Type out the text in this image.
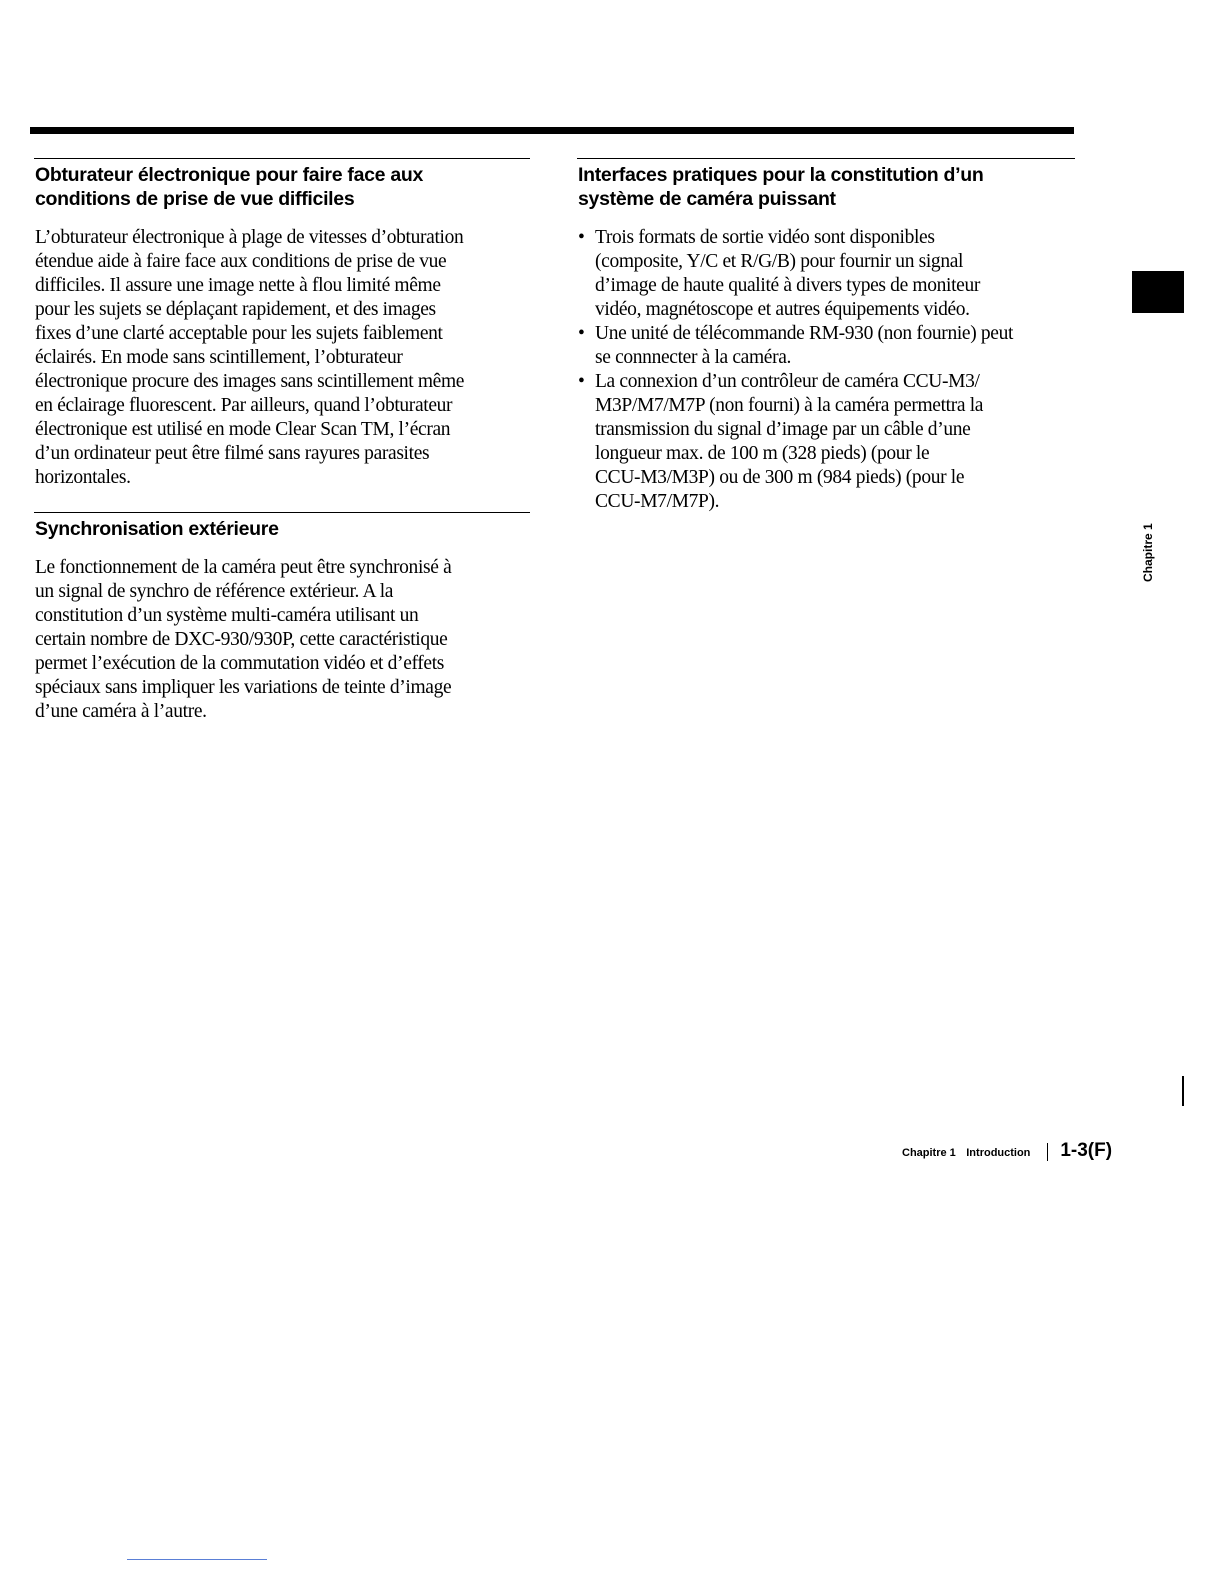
Obturateur électronique pour faire face aux
conditions de prise de vue difficiles

L’obturateur électronique à plage de vitesses d’obturation
étendue aide à faire face aux conditions de prise de vue
difficiles. Il assure une image nette à flou limité même
pour les sujets se déplaçant rapidement, et des images
fixes d’une clarté acceptable pour les sujets faiblement
éclairés. En mode sans scintillement, l’obturateur
électronique procure des images sans scintillement même
en éclairage fluorescent. Par ailleurs, quand l’obturateur
électronique est utilisé en mode Clear Scan TM, l’écran
d’un ordinateur peut être filmé sans rayures parasites
horizontales.

Synchronisation extérieure

Le fonctionnement de la caméra peut être synchronisé à
un signal de synchro de référence extérieur. A la
constitution d’un système multi-caméra utilisant un
certain nombre de DXC-930/930P, cette caractéristique
permet l’exécution de la commutation vidéo et d’effets
spéciaux sans impliquer les variations de teinte d’image
d’une caméra à l’autre.

Interfaces pratiques pour la constitution d’un
système de caméra puissant
• Trois formats de sortie vidéo sont disponibles
(composite, Y/C et R/G/B) pour fournir un signal
d’image de haute qualité à divers types de moniteur
vidéo, magnétoscope et autres équipements vidéo.
• Une unité de télécommande RM-930 (non fournie) peut
se connnecter à la caméra.
• La connexion d’un contrôleur de caméra CCU-M3/
M3P/M7/M7P (non fourni) à la caméra permettra la
transmission du signal d’image par un câble d’une
longueur max. de 100 m (328 pieds) (pour le
CCU-M3/M3P) ou de 300 m (984 pieds) (pour le
CCU-M7/M7P).
Chapitre 1
Chapitre 1 Introduction 1-3(F)
